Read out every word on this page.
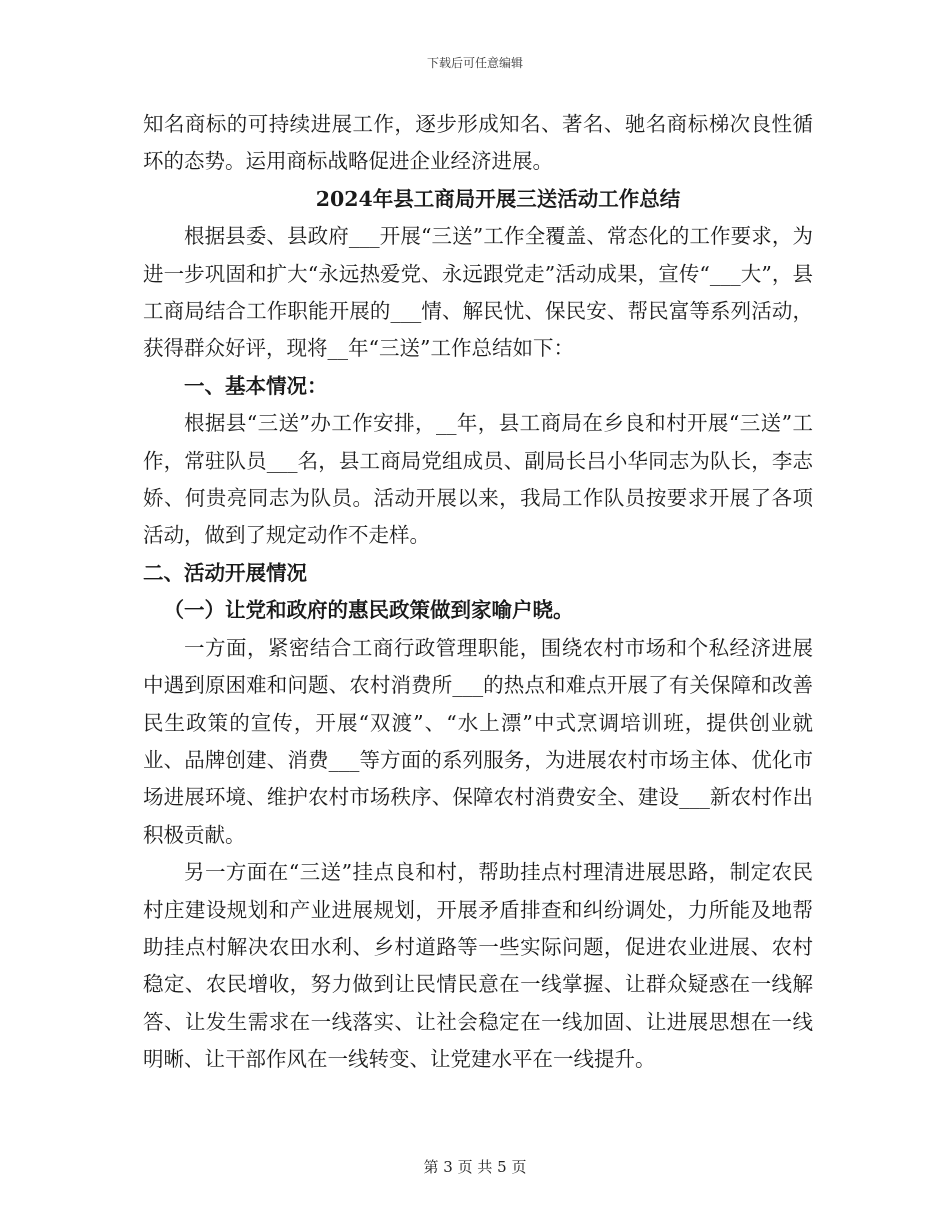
下载后可任意编辑

知名商标的可持续进展工作，逐步形成知名、著名、驰名商标梯次良性循环的态势。运用商标战略促进企业经济进展。

2024年县工商局开展三送活动工作总结

根据县委、县政府___开展“三送”工作全覆盖、常态化的工作要求，为进一步巩固和扩大“永远热爱党、永远跟党走”活动成果，宣传“___大”，县工商局结合工作职能开展的___情、解民忧、保民安、帮民富等系列活动，获得群众好评，现将__年“三送”工作总结如下：

一、基本情况：

根据县“三送”办工作安排，__年，县工商局在乡良和村开展“三送”工作，常驻队员___名，县工商局党组成员、副局长吕小华同志为队长，李志娇、何贵亮同志为队员。活动开展以来，我局工作队员按要求开展了各项活动，做到了规定动作不走样。

二、活动开展情况

（一）让党和政府的惠民政策做到家喻户晓。

一方面，紧密结合工商行政管理职能，围绕农村市场和个私经济进展中遇到原困难和问题、农村消费所___的热点和难点开展了有关保障和改善民生政策的宣传，开展“双渡”、“水上漂”中式烹调培训班，提供创业就业、品牌创建、消费___等方面的系列服务，为进展农村市场主体、优化市场进展环境、维护农村市场秩序、保障农村消费安全、建设___新农村作出积极贡献。

另一方面在“三送”挂点良和村，帮助挂点村理清进展思路，制定农民村庄建设规划和产业进展规划，开展矛盾排查和纠纷调处，力所能及地帮助挂点村解决农田水利、乡村道路等一些实际问题，促进农业进展、农村稳定、农民增收，努力做到让民情民意在一线掌握、让群众疑惑在一线解答、让发生需求在一线落实、让社会稳定在一线加固、让进展思想在一线明晰、让干部作风在一线转变、让党建水平在一线提升。

第 3 页 共 5 页
